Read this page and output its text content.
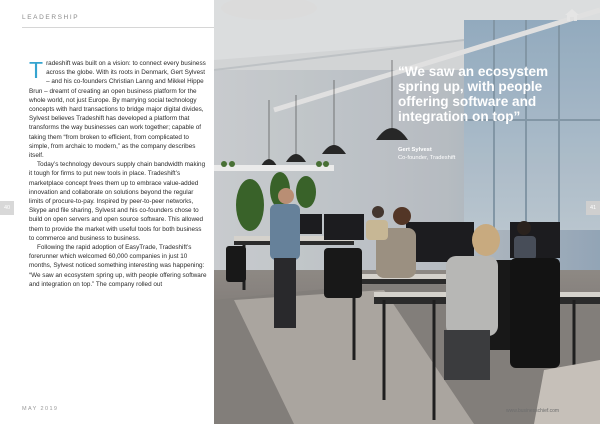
LEADERSHIP

Tradeshift was built on a vision: to connect every business across the globe. With its roots in Denmark, Gert Sylvest – and his co-founders Christian Lanng and Mikkel Hippe Brun – dreamt of creating an open business platform for the whole world, not just Europe. By marrying social technology concepts with hard transactions to bridge major digital divides, Sylvest believes Tradeshift has developed a platform that transforms the way businesses can work together; capable of taking them “from broken to efficient, from complicated to simple, from archaic to modern,” as the company describes itself.

Today’s technology devours supply chain bandwidth making it tough for firms to put new tools in place. Tradeshift’s marketplace concept frees them up to embrace value-added innovation and collaborate on solutions beyond the regular limits of procure-to-pay. Inspired by peer-to-peer networks, Skype and file sharing, Sylvest and his co-founders chose to build on open servers and open source software. This allowed them to provide the market with useful tools for both business to commerce and business to business.

Following the rapid adoption of EasyTrade, Tradeshift’s forerunner which welcomed 60,000 companies in just 10 months, Sylvest noticed something interesting was happening: “We saw an ecosystem spring up, with people offering software and integration on top.” The company rolled out

MAY 2019
40	41
“We saw an ecosystem spring up, with people offering software and integration on top”
Gert Sylvest
Co-founder, Tradeshift
www.businesschief.com
